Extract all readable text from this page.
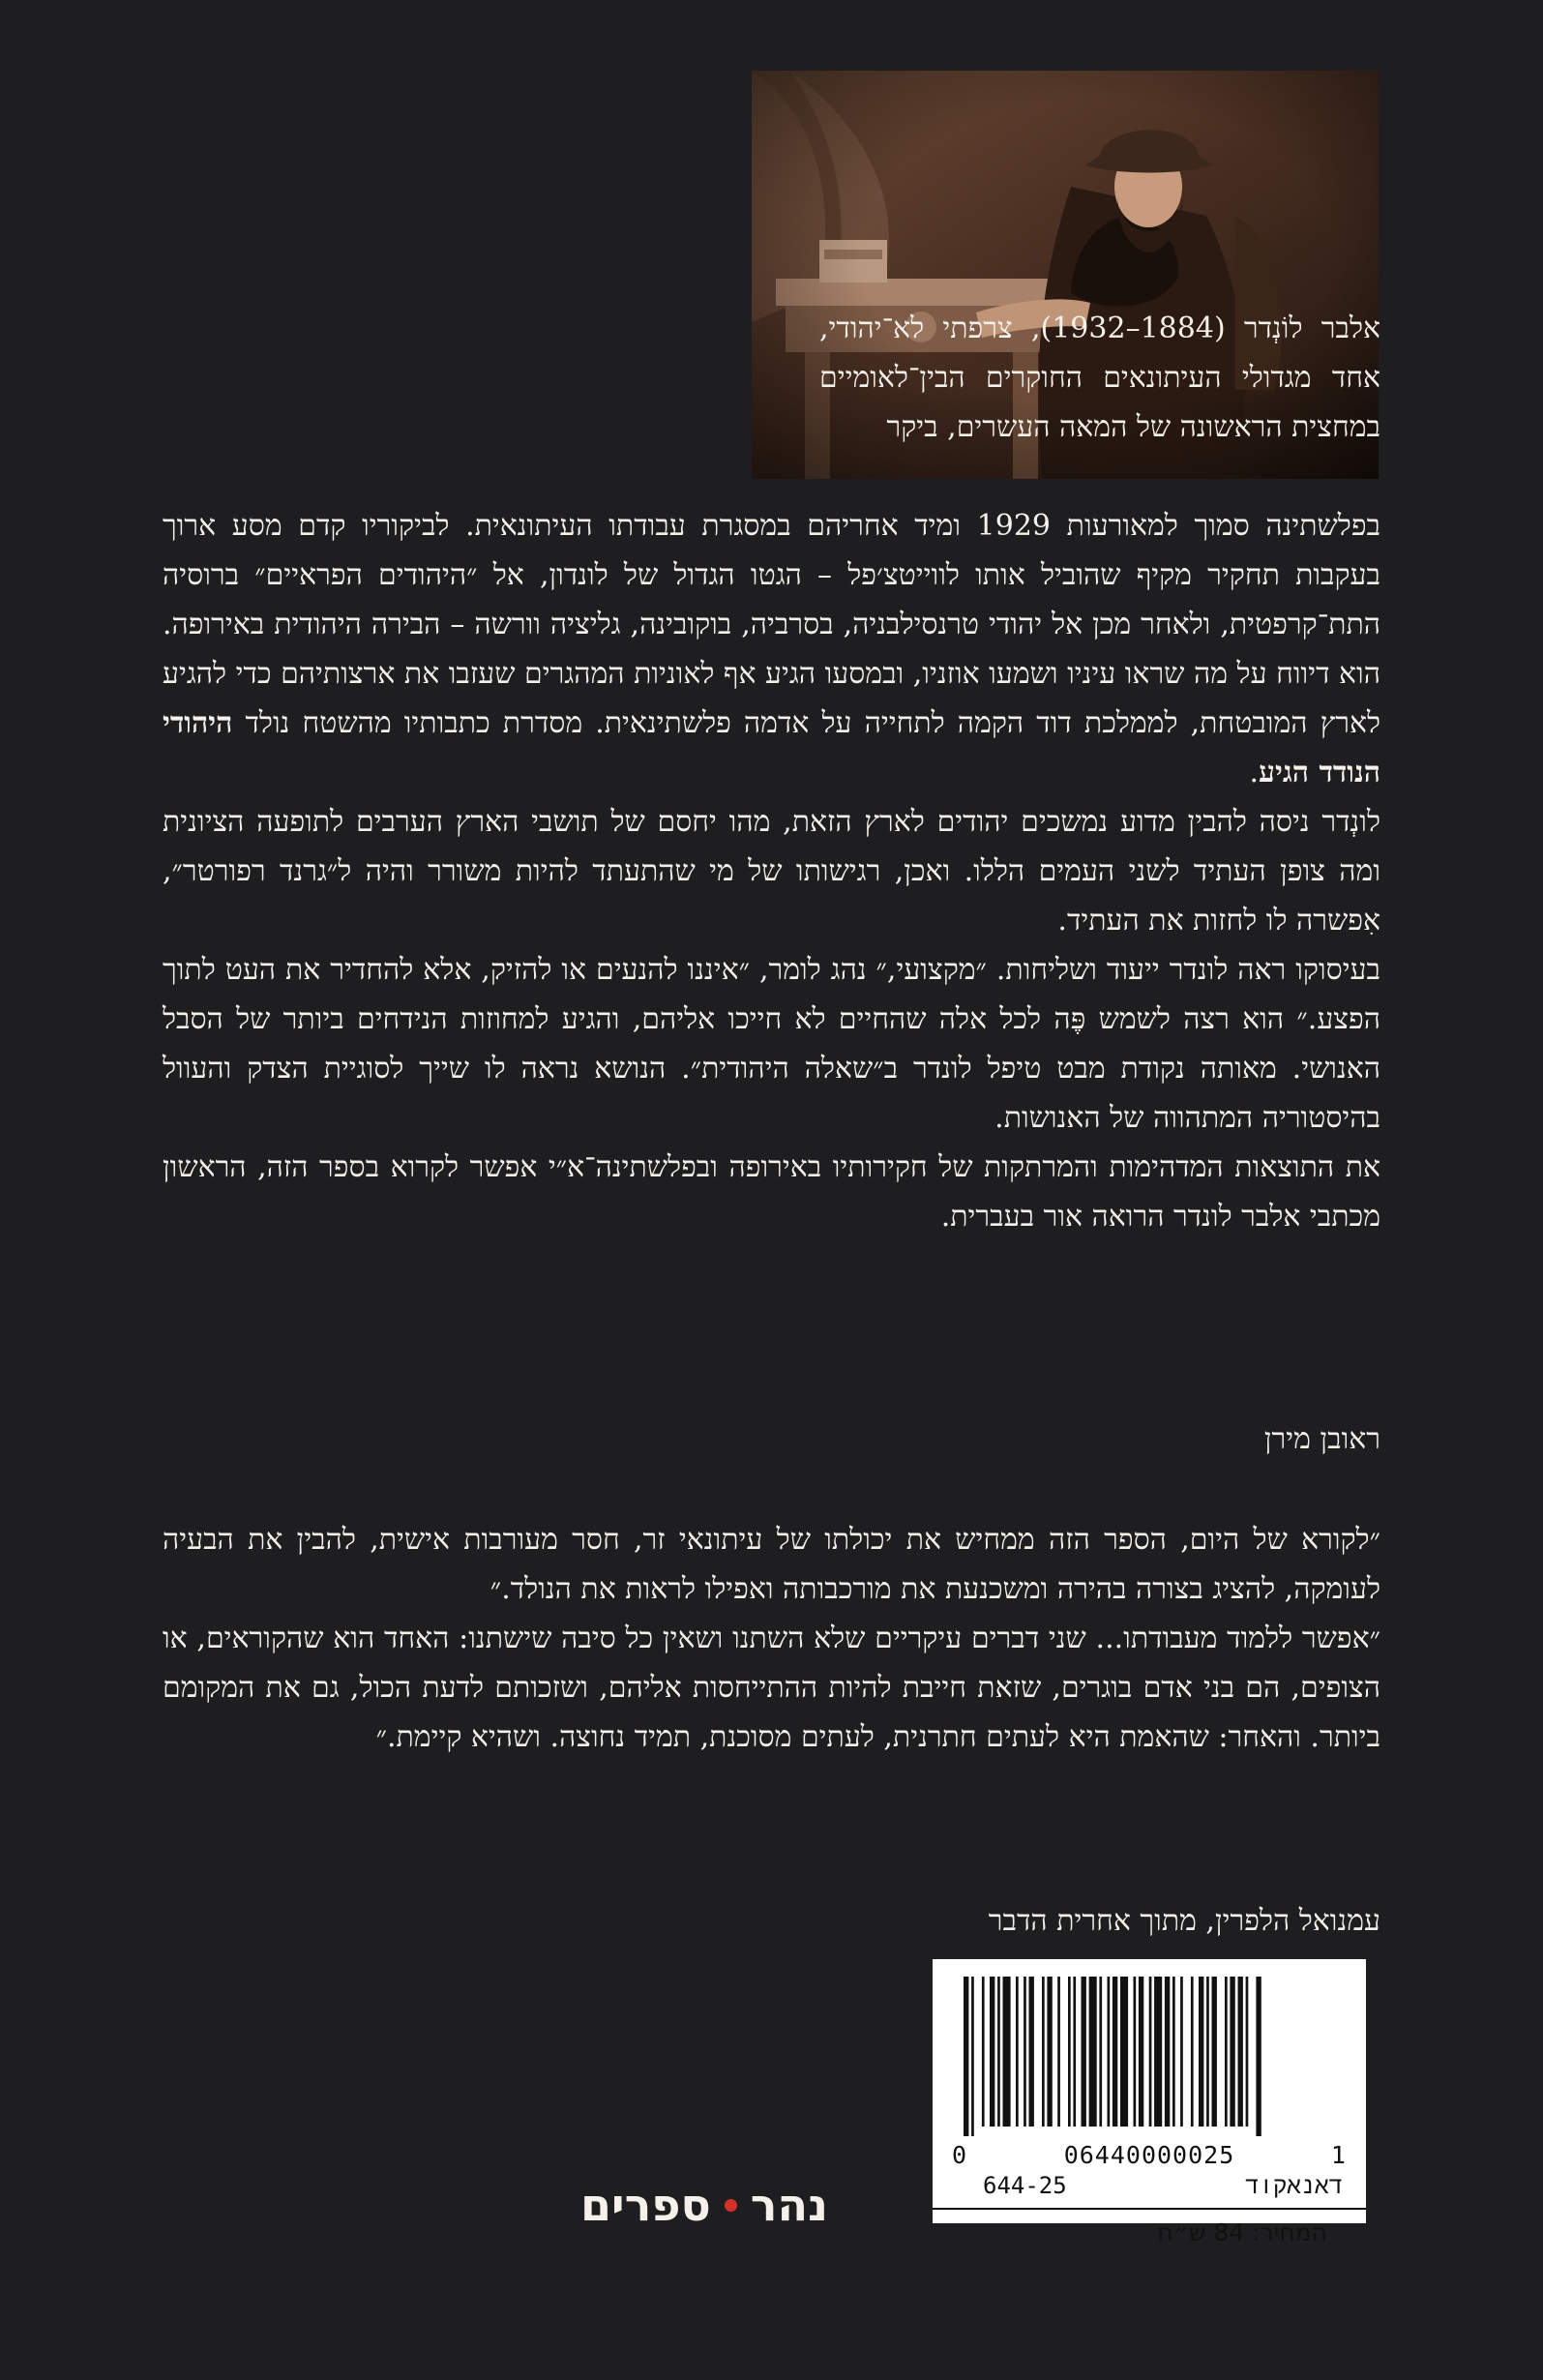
אלבר לוֹנְדר (1884–1932), צרפתי לא־יהודי, אחד מגדולי העיתונאים החוקרים הבין־לאומיים במחצית הראשונה של המאה העשרים, ביקר

בפלשתינה סמוך למאורעות 1929 ומיד אחריהם במסגרת עבודתו העיתונאית. לביקוריו קדם מסע ארוך בעקבות תחקיר מקיף שהוביל אותו לווייטצ׳פל – הגטו הגדול של לונדון, אל ״היהודים הפראיים״ ברוסיה התת־קרפטית, ולאחר מכן אל יהודי טרנסילבניה, בסרביה, בוקובינה, גליציה וורשה – הבירה היהודית באירופה. הוא דיווח על מה שראו עיניו ושמעו אוזניו, ובמסעו הגיע אף לאוניות המהגרים שעזבו את ארצותיהם כדי להגיע לארץ המובטחת, לממלכת דוד הקמה לתחייה על אדמה פלשתינאית. מסדרת כתבותיו מהשטח נולד היהודי הנודד הגיע.

לונְדר ניסה להבין מדוע נמשכים יהודים לארץ הזאת, מהו יחסם של תושבי הארץ הערבים לתופעה הציונית ומה צופן העתיד לשני העמים הללו. ואכן, רגישותו של מי שהתעתד להיות משורר והיה ל״גרנד רפורטר״, אִפשרה לו לחזות את העתיד.

בעיסוקו ראה לונדר ייעוד ושליחות. ״מקצועי,״ נהג לומר, ״איננו להנעים או להזיק, אלא להחדיר את העט לתוך הפצע.״ הוא רצה לשמש פֶּה לכל אלה שהחיים לא חייכו אליהם, והגיע למחוזות הנידחים ביותר של הסבל האנושי. מאותה נקודת מבט טיפל לונדר ב״שאלה היהודית״. הנושא נראה לו שייך לסוגיית הצדק והעוול בהיסטוריה המתהווה של האנושות.

את התוצאות המדהימות והמרתקות של חקירותיו באירופה ובפלשתינה־א״י אפשר לקרוא בספר הזה, הראשון מכתבי אלבר לונדר הרואה אור בעברית.

ראובן מירן

״לקורא של היום, הספר הזה ממחיש את יכולתו של עיתונאי זר, חסר מעורבות אישית, להבין את הבעיה לעומקה, להציג בצורה בהירה ומשכנעת את מורכבותה ואפילו לראות את הנולד.״

״אפשר ללמוד מעבודתו... שני דברים עיקריים שלא השתנו ושאין כל סיבה שישתנו: האחד הוא שהקוראים, או הצופים, הם בני אדם בוגרים, שזאת חייבת להיות ההתייחסות אליהם, ושזכותם לדעת הכול, גם את המקומם ביותר. והאחר: שהאמת היא לעתים חתרנית, לעתים מסוכנת, תמיד נחוצה. ושהיא קיימת.״

עמנואל הלפרין, מתוך אחרית הדבר
0	06440000025	1
644-25	דאנאקוד
המחיר: 84 ש״ח
נהר
ספרים
